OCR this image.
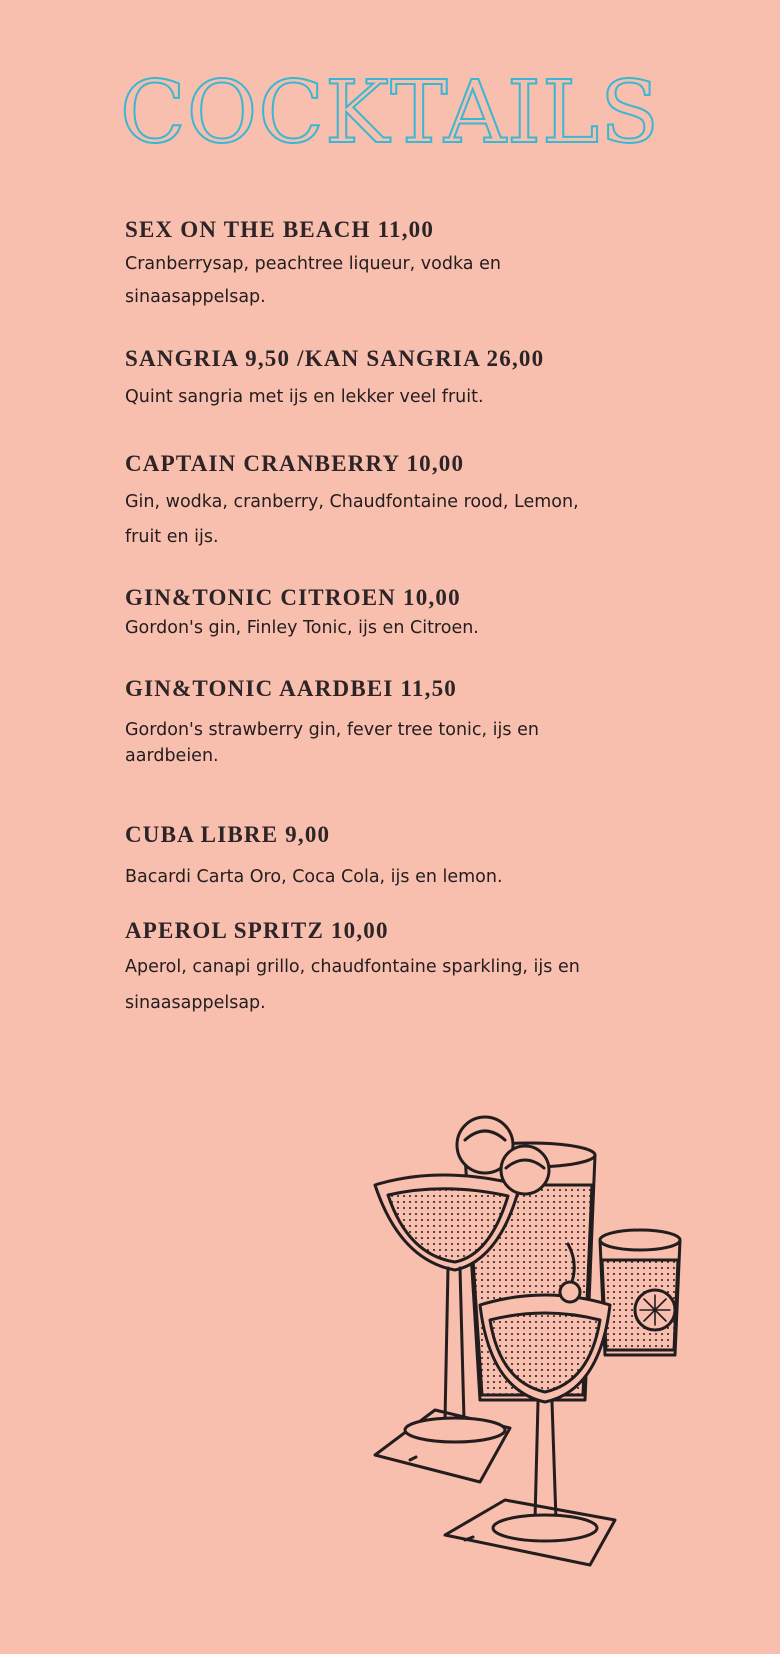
COCKTAILS
SEX ON THE BEACH 11,00
Cranberrysap, peachtree liqueur, vodka en sinaasappelsap.
SANGRIA 9,50 /KAN SANGRIA 26,00
Quint sangria met ijs en lekker veel fruit.
CAPTAIN CRANBERRY 10,00
Gin, wodka, cranberry, Chaudfontaine rood, Lemon, fruit en ijs.
GIN&TONIC CITROEN 10,00
Gordon's gin, Finley Tonic, ijs en Citroen.
GIN&TONIC AARDBEI 11,50
Gordon's strawberry gin, fever tree tonic, ijs en aardbeien.
CUBA LIBRE 9,00
Bacardi Carta Oro, Coca Cola, ijs en lemon.
APEROL SPRITZ 10,00
Aperol, canapi grillo, chaudfontaine sparkling, ijs en sinaasappelsap.
